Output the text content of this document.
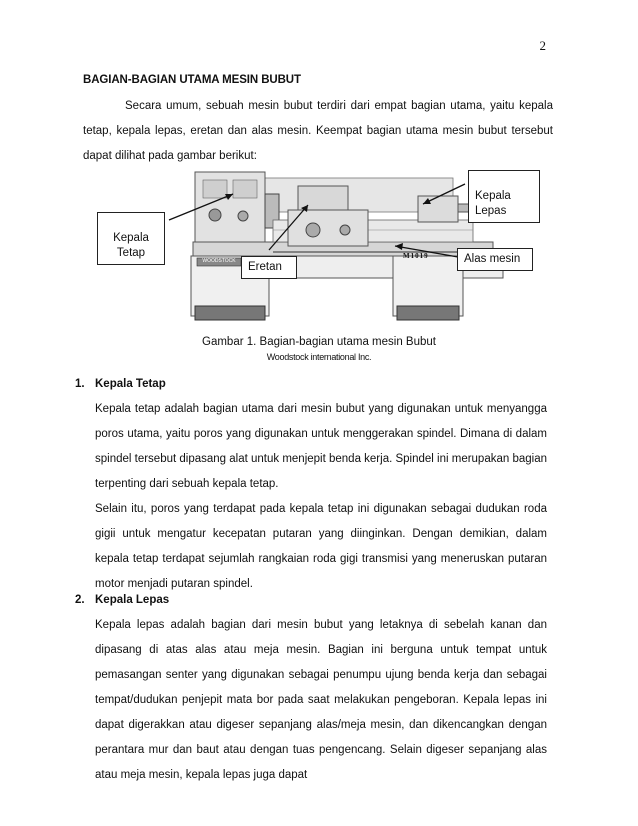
2
BAGIAN-BAGIAN UTAMA MESIN BUBUT
Secara umum, sebuah mesin bubut terdiri dari empat bagian utama, yaitu kepala tetap, kepala lepas, eretan dan alas mesin. Keempat bagian utama mesin bubut tersebut dapat dilihat pada gambar berikut:
WOODSTOCK
M1019

Kepala
Tetap

Kepala
Lepas

Eretan
Alas mesin
Gambar 1. Bagian-bagian utama mesin Bubut
Woodstock international Inc.
1. Kepala Tetap

Kepala tetap adalah bagian utama dari mesin bubut yang digunakan untuk menyangga poros utama, yaitu poros yang digunakan untuk menggerakan spindel. Dimana di dalam spindel tersebut dipasang alat untuk menjepit benda kerja. Spindel ini merupakan bagian terpenting dari sebuah kepala tetap.

Selain itu, poros yang terdapat pada kepala tetap ini digunakan sebagai dudukan roda gigii untuk mengatur kecepatan putaran yang diinginkan. Dengan demikian, dalam kepala tetap terdapat sejumlah rangkaian roda gigi transmisi yang meneruskan putaran motor menjadi putaran spindel.

2. Kepala Lepas

Kepala lepas adalah bagian dari mesin bubut yang letaknya di sebelah kanan dan dipasang di atas alas atau meja mesin. Bagian ini berguna untuk tempat untuk pemasangan senter yang digunakan sebagai penumpu ujung benda kerja dan sebagai tempat/dudukan penjepit mata bor pada saat melakukan pengeboran. Kepala lepas ini dapat digerakkan atau digeser sepanjang alas/meja mesin, dan dikencangkan dengan perantara mur dan baut atau dengan tuas pengencang. Selain digeser sepanjang alas atau meja mesin, kepala lepas juga dapat
